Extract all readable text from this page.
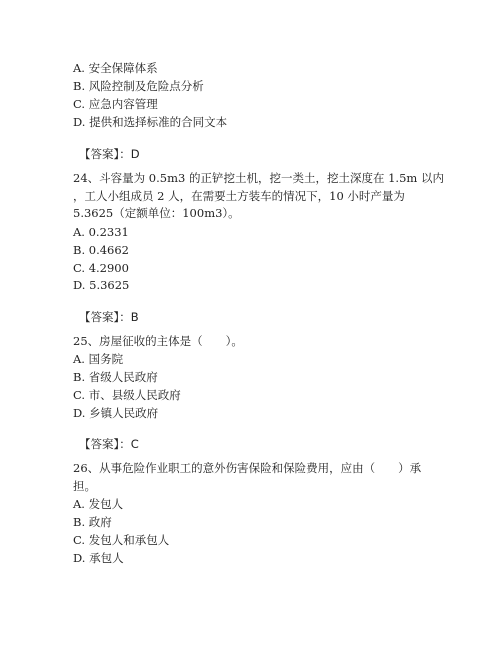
A. 安全保障体系
B. 风险控制及危险点分析
C. 应急内容管理
D. 提供和选择标准的合同文本
【答案】：D
24、斗容量为 0.5m3 的正铲挖土机，挖一类土，挖土深度在 1.5m 以内
，工人小组成员 2 人，在需要土方装车的情况下，10 小时产量为
5.3625（定额单位：100m3）。
A. 0.2331
B. 0.4662
C. 4.2900
D. 5.3625
【答案】：B
25、房屋征收的主体是（　　）。
A. 国务院
B. 省级人民政府
C. 市、县级人民政府
D. 乡镇人民政府
【答案】：C
26、从事危险作业职工的意外伤害保险和保险费用，应由（　　）承
担。
A. 发包人
B. 政府
C. 发包人和承包人
D. 承包人
